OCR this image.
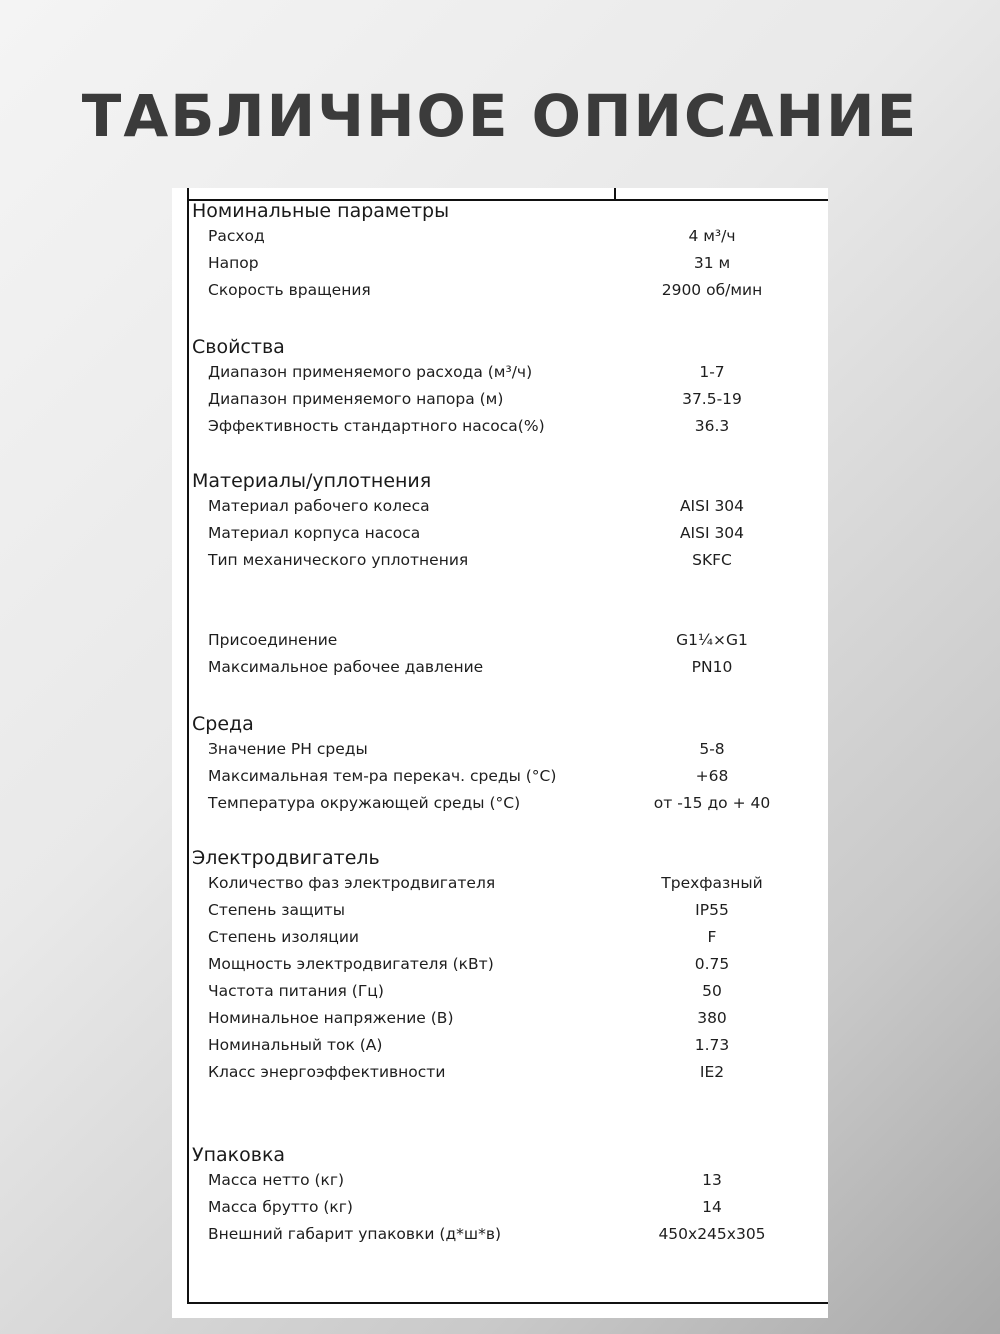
ТАБЛИЧНОЕ ОПИСАНИЕ
Номинальные параметры
Расход	4 м³/ч
Напор	31 м
Скорость вращения	2900 об/мин
Свойства
Диапазон применяемого расхода (м³/ч)	1-7
Диапазон применяемого напора (м)	37.5-19
Эффективность стандартного насоса(%)	36.3
Материалы/уплотнения
Материал рабочего колеса	AISI 304
Материал корпуса насоса	AISI 304
Тип механического уплотнения	SKFC
Присоединение	G1¼×G1
Максимальное рабочее давление	PN10
Среда
Значение PH среды	5-8
Максимальная тем-ра перекач. среды (°C)	+68
Температура окружающей среды (°C)	от -15 до + 40
Электродвигатель
Количество фаз электродвигателя	Трехфазный
Степень защиты	IP55
Степень изоляции	F
Мощность электродвигателя (кВт)	0.75
Частота питания (Гц)	50
Номинальное напряжение (В)	380
Номинальный ток (А)	1.73
Класс энергоэффективности	IE2
Упаковка
Масса нетто (кг)	13
Масса брутто (кг)	14
Внешний габарит упаковки (д*ш*в)	450x245x305
